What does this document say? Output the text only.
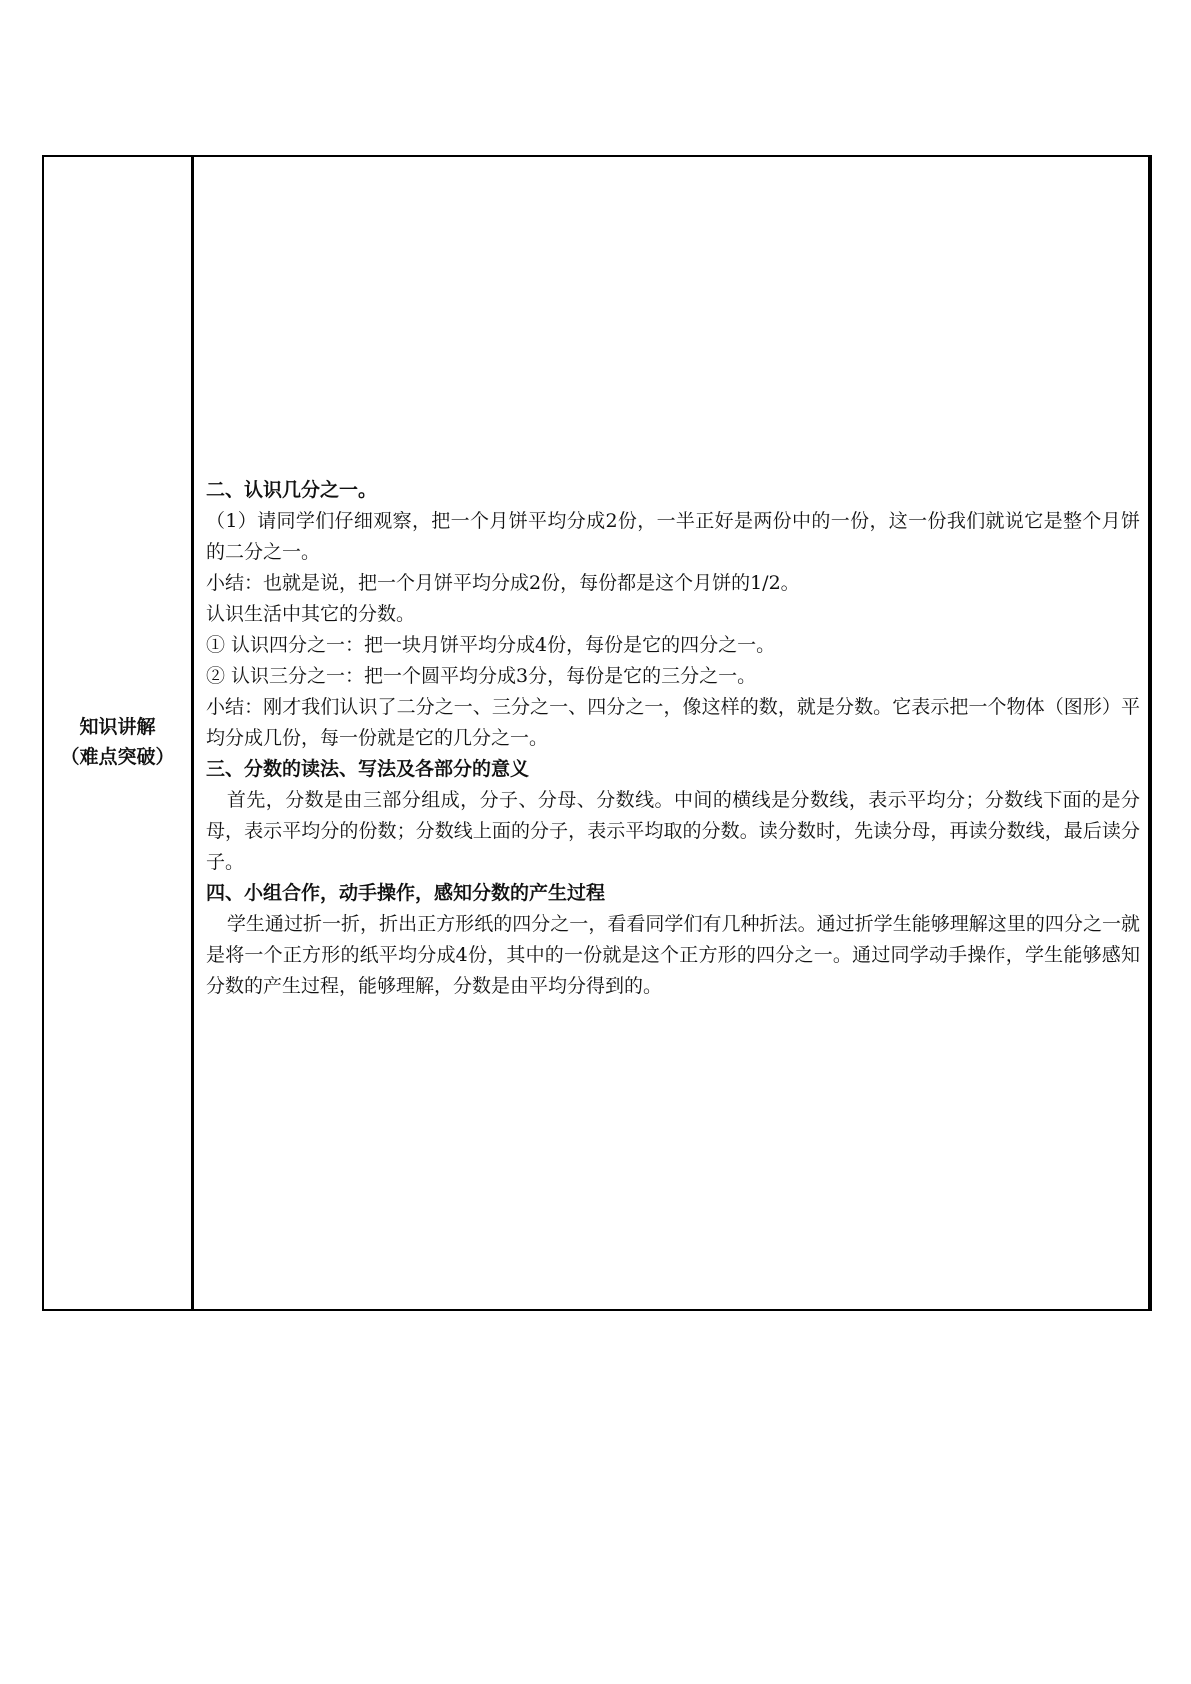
知识讲解
（难点突破）

二、认识几分之一。

（1）请同学们仔细观察，把一个月饼平均分成2份，一半正好是两份中的一份，这一份我们就说它是整个月饼的二分之一。

小结：也就是说，把一个月饼平均分成2份，每份都是这个月饼的1/2。

认识生活中其它的分数。

① 认识四分之一：把一块月饼平均分成4份，每份是它的四分之一。

② 认识三分之一：把一个圆平均分成3分，每份是它的三分之一。

小结：刚才我们认识了二分之一、三分之一、四分之一，像这样的数，就是分数。它表示把一个物体（图形）平均分成几份，每一份就是它的几分之一。

三、分数的读法、写法及各部分的意义

首先，分数是由三部分组成，分子、分母、分数线。中间的横线是分数线，表示平均分；分数线下面的是分母，表示平均分的份数；分数线上面的分子，表示平均取的分数。读分数时，先读分母，再读分数线，最后读分子。

四、小组合作，动手操作，感知分数的产生过程

学生通过折一折，折出正方形纸的四分之一，看看同学们有几种折法。通过折学生能够理解这里的四分之一就是将一个正方形的纸平均分成4份，其中的一份就是这个正方形的四分之一。通过同学动手操作，学生能够感知分数的产生过程，能够理解，分数是由平均分得到的。
